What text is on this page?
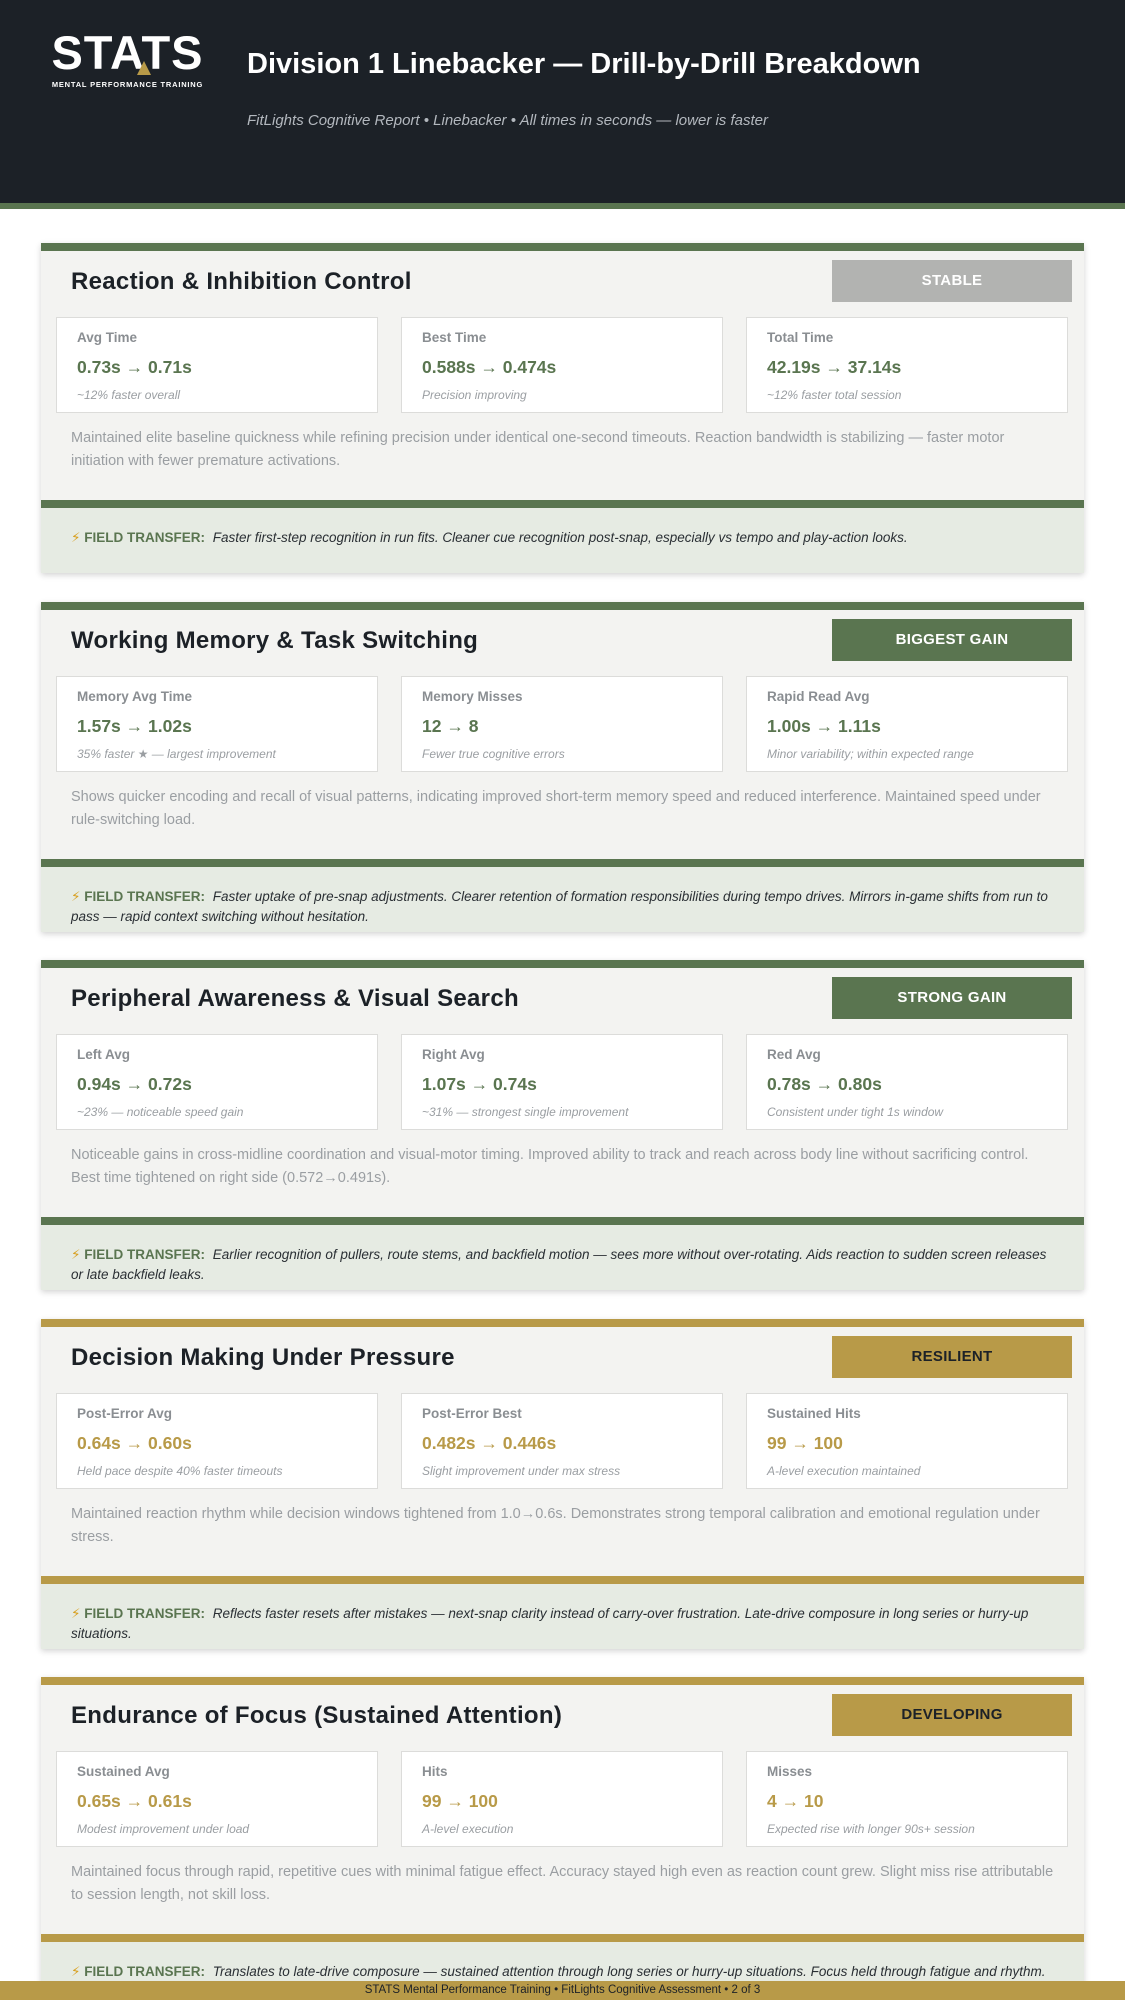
STATS
MENTAL PERFORMANCE TRAINING
Division 1 Linebacker — Drill-by-Drill Breakdown
FitLights Cognitive Report • Linebacker • All times in seconds — lower is faster
Reaction & Inhibition Control	STABLE
Avg Time
0.73s → 0.71s
~12% faster overall
Best Time
0.588s → 0.474s
Precision improving
Total Time
42.19s → 37.14s
~12% faster total session
Maintained elite baseline quickness while refining precision under identical one-second timeouts. Reaction bandwidth is stabilizing — faster motor initiation with fewer premature activations.
⚡ FIELD TRANSFER: Faster first-step recognition in run fits. Cleaner cue recognition post-snap, especially vs tempo and play-action looks.
Working Memory & Task Switching	BIGGEST GAIN
Memory Avg Time
1.57s → 1.02s
35% faster ★ — largest improvement
Memory Misses
12 → 8
Fewer true cognitive errors
Rapid Read Avg
1.00s → 1.11s
Minor variability; within expected range
Shows quicker encoding and recall of visual patterns, indicating improved short-term memory speed and reduced interference. Maintained speed under rule-switching load.
⚡ FIELD TRANSFER: Faster uptake of pre-snap adjustments. Clearer retention of formation responsibilities during tempo drives. Mirrors in-game shifts from run to pass — rapid context switching without hesitation.
Peripheral Awareness & Visual Search	STRONG GAIN
Left Avg
0.94s → 0.72s
~23% — noticeable speed gain
Right Avg
1.07s → 0.74s
~31% — strongest single improvement
Red Avg
0.78s → 0.80s
Consistent under tight 1s window
Noticeable gains in cross-midline coordination and visual-motor timing. Improved ability to track and reach across body line without sacrificing control. Best time tightened on right side (0.572→0.491s).
⚡ FIELD TRANSFER: Earlier recognition of pullers, route stems, and backfield motion — sees more without over-rotating. Aids reaction to sudden screen releases or late backfield leaks.
Decision Making Under Pressure	RESILIENT
Post-Error Avg
0.64s → 0.60s
Held pace despite 40% faster timeouts
Post-Error Best
0.482s → 0.446s
Slight improvement under max stress
Sustained Hits
99 → 100
A-level execution maintained
Maintained reaction rhythm while decision windows tightened from 1.0→0.6s. Demonstrates strong temporal calibration and emotional regulation under stress.
⚡ FIELD TRANSFER: Reflects faster resets after mistakes — next-snap clarity instead of carry-over frustration. Late-drive composure in long series or hurry-up situations.
Endurance of Focus (Sustained Attention)	DEVELOPING
Sustained Avg
0.65s → 0.61s
Modest improvement under load
Hits
99 → 100
A-level execution
Misses
4 → 10
Expected rise with longer 90s+ session
Maintained focus through rapid, repetitive cues with minimal fatigue effect. Accuracy stayed high even as reaction count grew. Slight miss rise attributable to session length, not skill loss.
⚡ FIELD TRANSFER: Translates to late-drive composure — sustained attention through long series or hurry-up situations. Focus held through fatigue and rhythm.
STATS Mental Performance Training • FitLights Cognitive Assessment • 2 of 3
